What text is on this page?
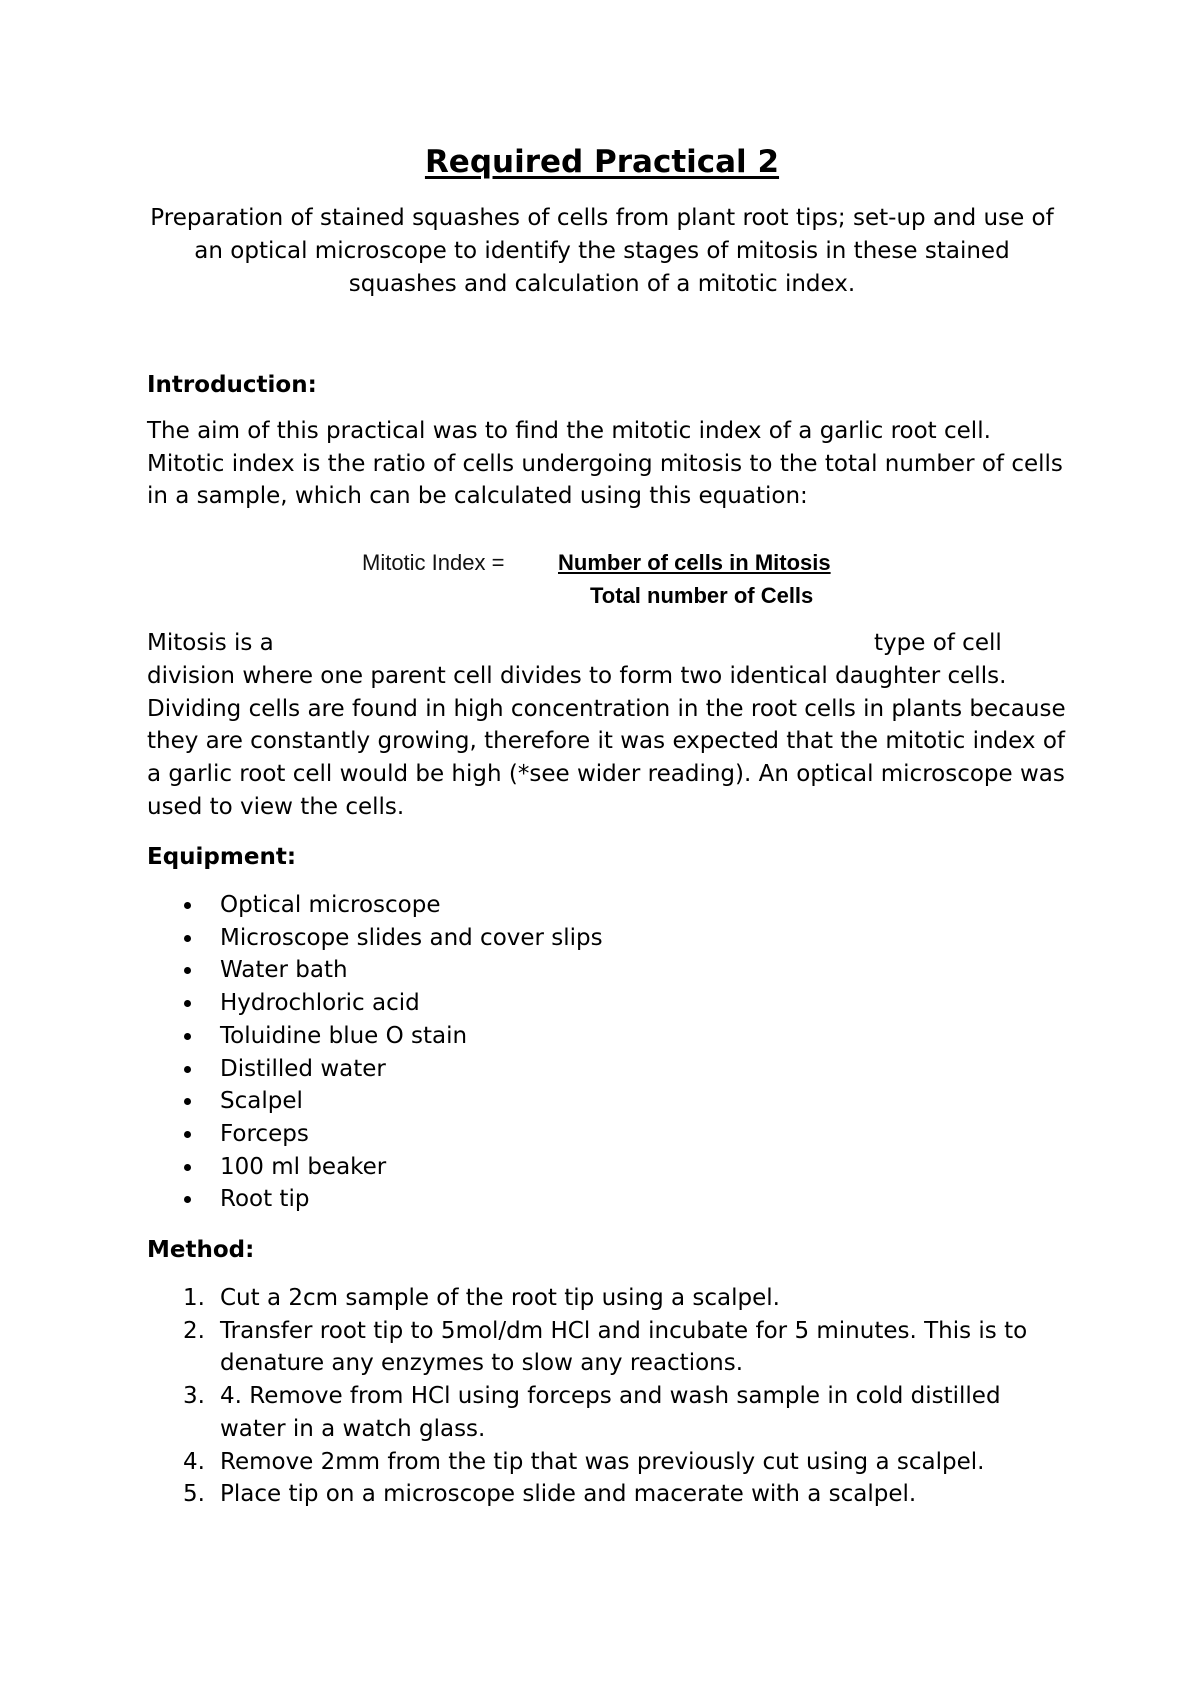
Required Practical 2

Preparation of stained squashes of cells from plant root tips; set-up and use of an optical microscope to identify the stages of mitosis in these stained squashes and calculation of a mitotic index.

Introduction:

The aim of this practical was to find the mitotic index of a garlic root cell. Mitotic index is the ratio of cells undergoing mitosis to the total number of cells in a sample, which can be calculated using this equation:

Mitotic Index = Number of cells in Mitosis
Total number of Cells
Mitosis is a	type of cell

division where one parent cell divides to form two identical daughter cells. Dividing cells are found in high concentration in the root cells in plants because they are constantly growing, therefore it was expected that the mitotic index of a garlic root cell would be high (*see wider reading). An optical microscope was used to view the cells.

Equipment:
Optical microscope
Microscope slides and cover slips
Water bath
Hydrochloric acid
Toluidine blue O stain
Distilled water
Scalpel
Forceps
100 ml beaker
Root tip
Method:
1. Cut a 2cm sample of the root tip using a scalpel.
2. Transfer root tip to 5mol/dm HCl and incubate for 5 minutes. This is to denature any enzymes to slow any reactions.
3. 4. Remove from HCl using forceps and wash sample in cold distilled water in a watch glass.
4. Remove 2mm from the tip that was previously cut using a scalpel.
5. Place tip on a microscope slide and macerate with a scalpel.
